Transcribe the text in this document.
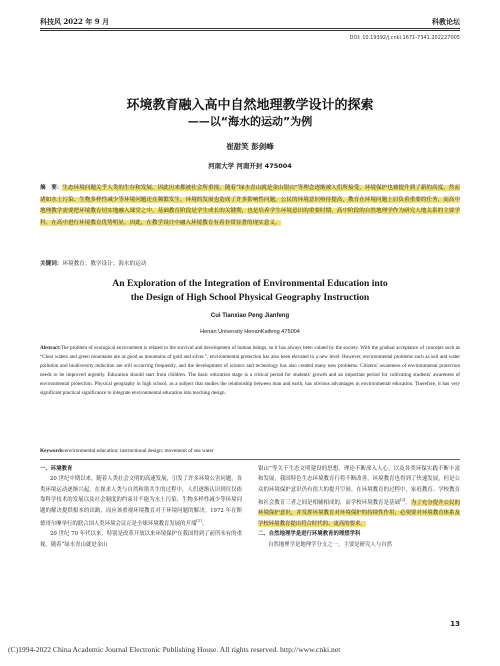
科技风 2022 年 9 月	科教论坛
DOI: 10.19392/j.cnki.1671-7341.202227005
环境教育融入高中自然地理教学设计的探索
——以“海水的运动”为例
崔甜笑 彭剑峰
河南大学 河南开封 475004
摘　要：生态环境问题关乎人类的生存和发展，因此历来都被社会所重视。随着“绿水青山就是金山银山”等理念逐渐被人们所接受，环境保护也被提升到了新的高度。然而诸如水土污染、生物多样性减少等环境问题还在频繁发生，环境的发展也造成了许多影响性问题。公民的环境意识亟待提高，教育在环境问题上肩负着重要的任务，而高中地理教学需要把环境教育切实地融入课堂之中。基础教育阶段是学生成长的关键期，也是培养学生环境意识的重要时期。高中阶段的自然地理学作为研究人地关系的主要学科，在高中进行环境教育优势明显。因此，在教学设计中融入环境教育有着非常显著的现实意义。
关键词：环境教育；教学设计；海水的运动
An Exploration of the Integration of Environmental Education into
the Design of High School Physical Geography Instruction
Cui Tianxiao Peng Jianfeng
Henan University HenanKaifeng 475004
Abstract:The problem of ecological environment is related to the survival and development of human beings, so it has always been valued by the society. With the gradual acceptance of concepts such as “Clear waters and green mountains are as good as mountains of gold and silver.”, environmental protection has also been elevated to a new level. However, environmental problems such as soil and water pollution and biodiversity reduction are still occurring frequently, and the development of science and technology has also created many new problems. Citizens' awareness of environmental protection needs to be improved urgently. Education should start from children. The basic education stage is a critical period for students' growth and an important period for cultivating students' awareness of environmental protection. Physical geography in high school, as a subject that studies the relationship between man and earth, has obvious advantages in environmental education. Therefore, it has very significant practical significance to integrate environmental education into teaching design.
Keywords:environmental education; instructional design; movement of sea water

一、环境教育

20 世纪中期以来，随着人类社会文明的高速发展，引发了许多环境公害问题，各类环境运动逐渐兴起。在探求人类与自然和谐共生的过程中，人们逐渐认识到仅仅依靠科学技术的发展以及社会制度的约束并不能为水土污染、生物多样性减少等环境问题的解决提供根本的出路，而应该重视环境教育对于环境问题的解决。1972 年在斯德哥尔摩举行的联合国人类环境会议正是全球环境教育发展的开端[1]。

20 世纪 70 年代以来，特别是改革开放以来环境保护在我国得到了前所未有的重视。随着“绿水青山就是金山

银山”等关于生态文明建设的思想、理论不断深入人心，以及各类环保实践不断丰富和发展，我国特色生态环境教育行将不断改善，环境教育也得到了快速发展，但是公众的环境保护意识仍有很大的提升空间。在环境教育的过程中，家庭教育、学校教育和社会教育三者之间是相辅相成的，而学校环境教育是基础[2]。为了充分提升公民的环境保护意识，并发挥环境教育对环境保护的持续性作用，必须要对环境教育体系及学校环境教育提出符合时代的、更高的要求。

二、自然地理学是进行环境教育的理想学科

自然地理学是地理学分支之一，主要是研究人与自然

13
(C)1994-2022 China Academic Journal Electronic Publishing House. All rights reserved. http://www.cnki.net
